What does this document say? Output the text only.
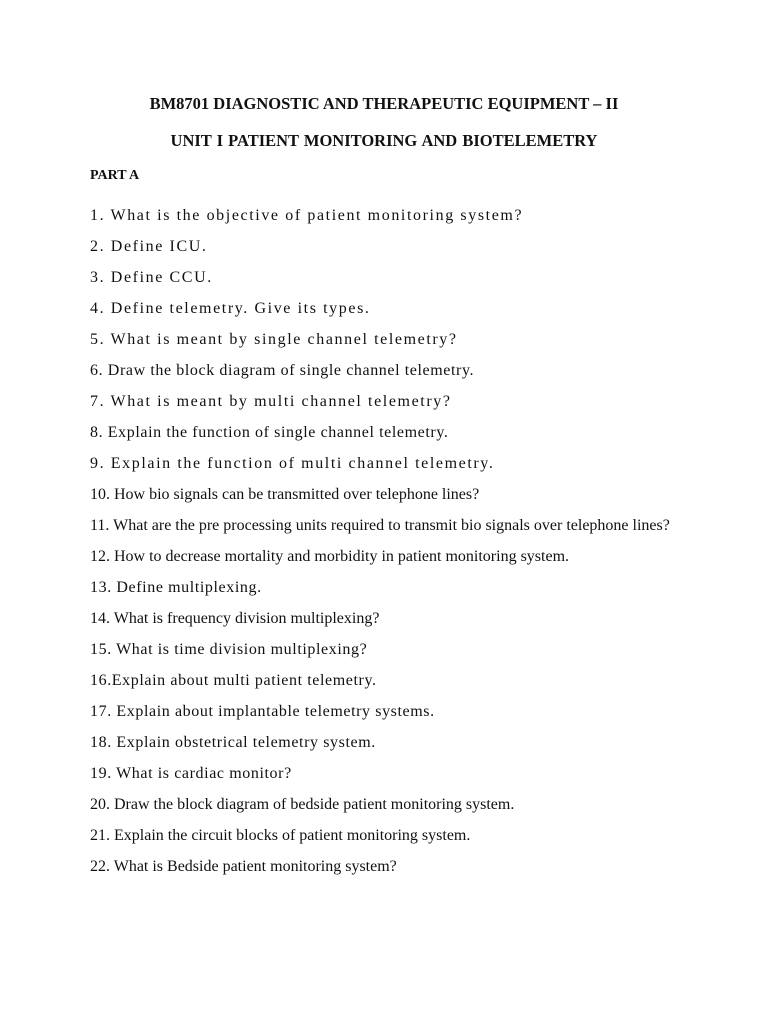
BM8701 DIAGNOSTIC AND THERAPEUTIC EQUIPMENT – II
UNIT I PATIENT MONITORING AND BIOTELEMETRY
PART A
1. What is the objective of patient monitoring system?
2. Define ICU.
3. Define CCU.
4. Define telemetry. Give its types.
5. What is meant by single channel telemetry?
6. Draw the block diagram of single channel telemetry.
7. What is meant by multi channel telemetry?
8. Explain the function of single channel telemetry.
9. Explain the function of multi channel telemetry.
10. How bio signals can be transmitted over telephone lines?
11. What are the pre processing units required to transmit bio signals over telephone lines?
12. How to decrease mortality and morbidity in patient monitoring system.
13. Define multiplexing.
14. What is frequency division multiplexing?
15. What is time division multiplexing?
16.Explain about multi patient telemetry.
17. Explain about implantable telemetry systems.
18. Explain obstetrical telemetry system.
19. What is cardiac monitor?
20. Draw the block diagram of bedside patient monitoring system.
21. Explain the circuit blocks of patient monitoring system.
22. What is Bedside patient monitoring system?
